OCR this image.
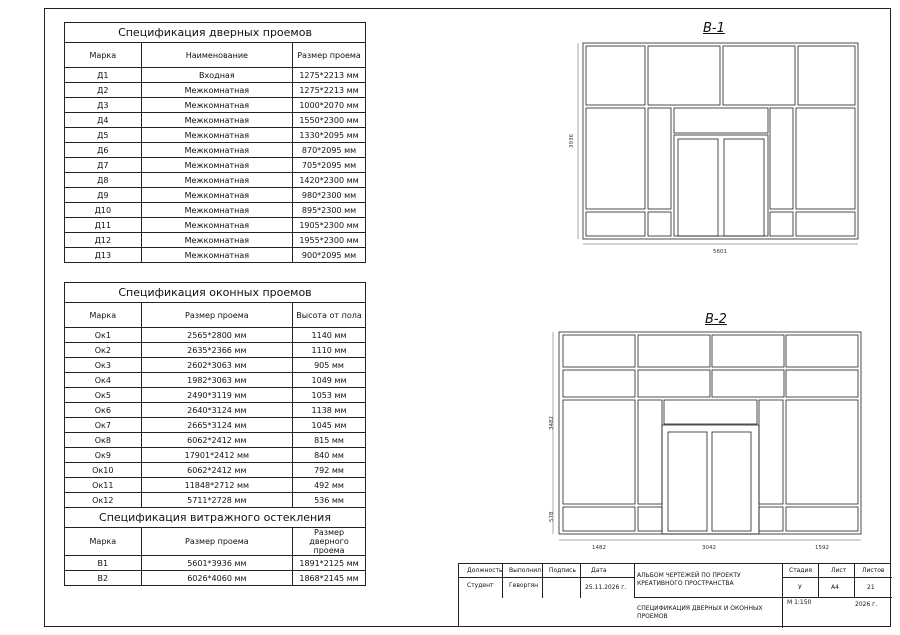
Спецификация дверных проемов		
Марка	Наименование	Размер проема
Д1	Входная	1275*2213 мм
Д2	Межкомнатная	1275*2213 мм
Д3	Межкомнатная	1000*2070 мм
Д4	Межкомнатная	1550*2300 мм
Д5	Межкомнатная	1330*2095 мм
Д6	Межкомнатная	870*2095 мм
Д7	Межкомнатная	705*2095 мм
Д8	Межкомнатная	1420*2300 мм
Д9	Межкомнатная	980*2300 мм
Д10	Межкомнатная	895*2300 мм
Д11	Межкомнатная	1905*2300 мм
Д12	Межкомнатная	1955*2300 мм
Д13	Межкомнатная	900*2095 мм
Спецификация оконных проемов		
Марка	Размер проема	Высота от пола
Ок1	2565*2800 мм	1140 мм
Ок2	2635*2366 мм	1110 мм
Ок3	2602*3063 мм	905 мм
Ок4	1982*3063 мм	1049 мм
Ок5	2490*3119 мм	1053 мм
Ок6	2640*3124 мм	1138 мм
Ок7	2665*3124 мм	1045 мм
Ок8	6062*2412 мм	815 мм
Ок9	17901*2412 мм	840 мм
Ок10	6062*2412 мм	792 мм
Ок11	11848*2712 мм	492 мм
Ок12	5711*2728 мм	536 мм
Спецификация витражного остекления		
Марка	Размер проема	Размер дверного проема
В1	5601*3936 мм	1891*2125 мм
В2	6026*4060 мм	1868*2145 мм
В-1
5601
3936
В-2
3482
578
1482	3042	1592
Должность	Выполнил	Подпись	Дата
Студент	Геворгян	25.11.2026 г.
АЛЬБОМ ЧЕРТЕЖЕЙ ПО ПРОЕКТУ КРЕАТИВНОГО ПРОСТРАНСТВА
СПЕЦИФИКАЦИЯ ДВЕРНЫХ И ОКОННЫХ ПРОЕМОВ
Стадия	Лист	Листов
У	А4	21
М 1:150	2026 г.
